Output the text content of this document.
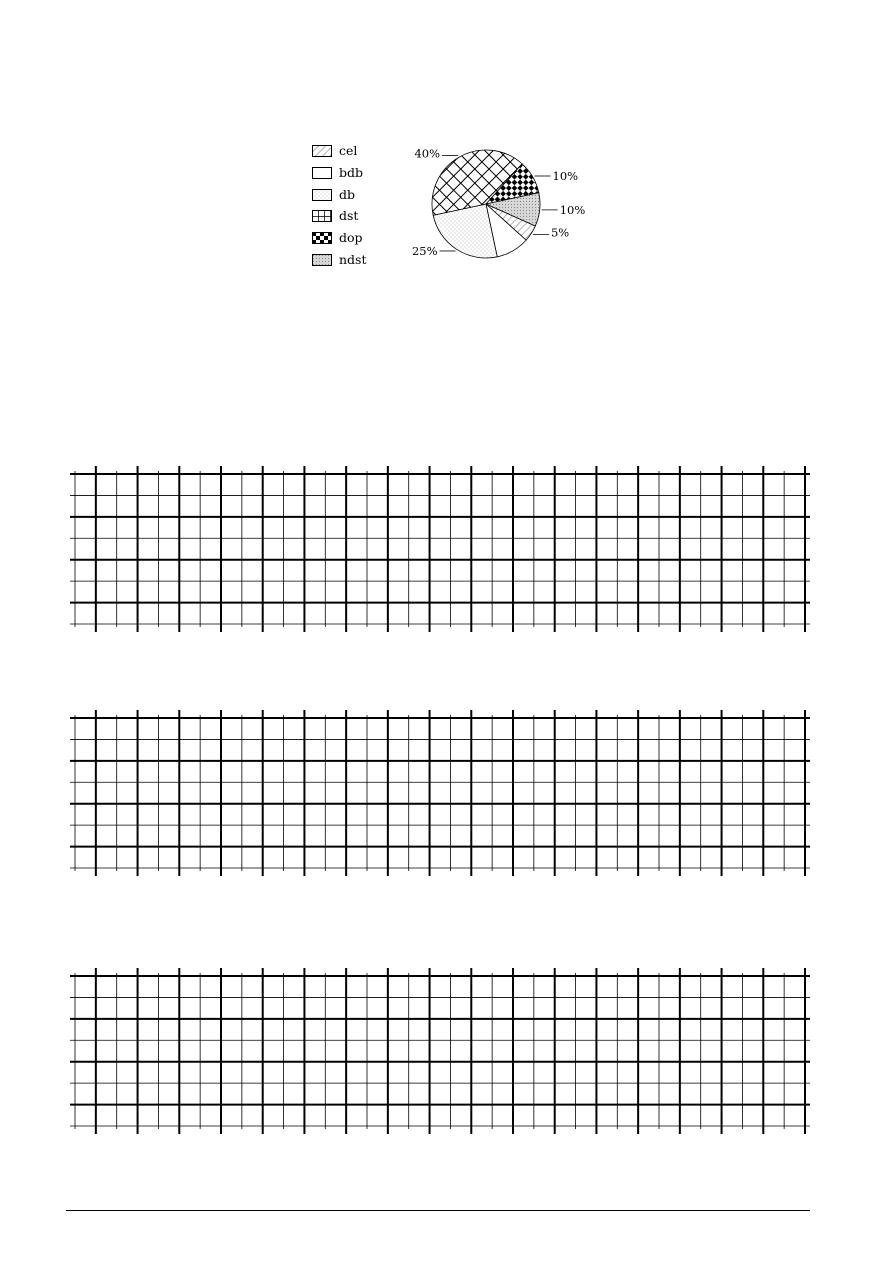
cel
bdb
db
dst
dop
ndst
5%
25%
40%
10%
10%
